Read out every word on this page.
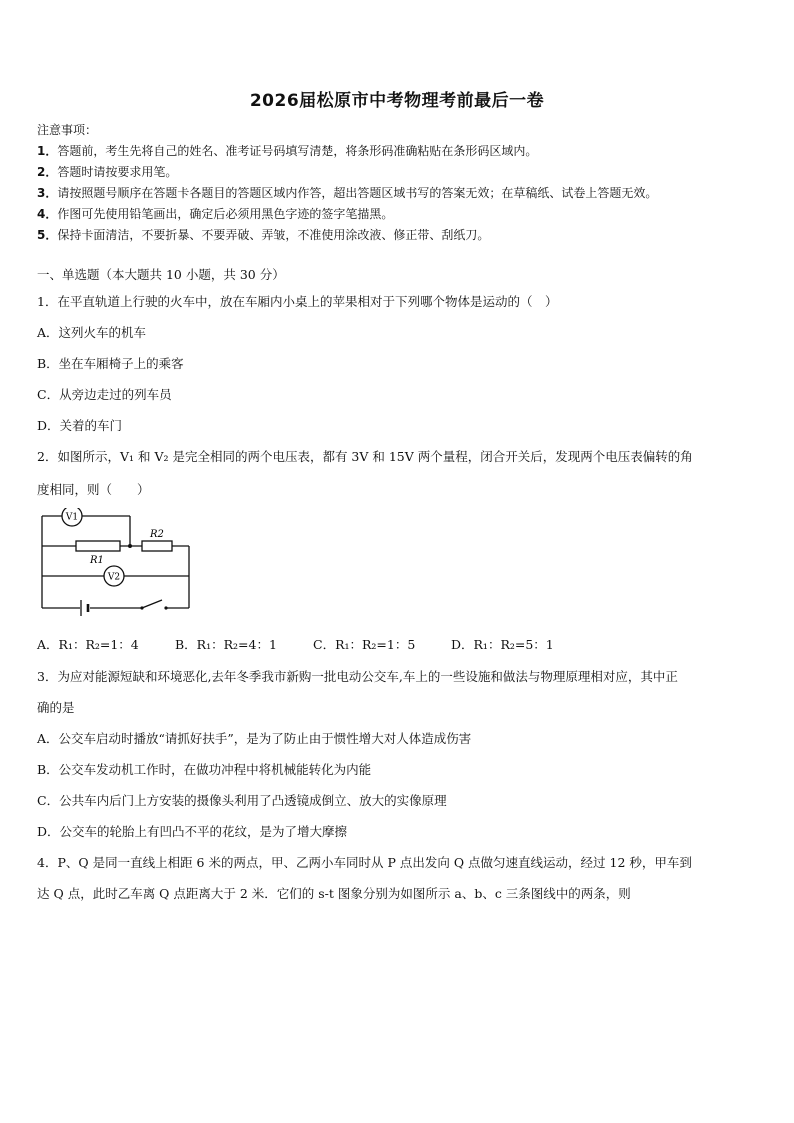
2026届松原市中考物理考前最后一卷
注意事项：
1．答题前，考生先将自己的姓名、准考证号码填写清楚，将条形码准确粘贴在条形码区域内。
2．答题时请按要求用笔。
3．请按照题号顺序在答题卡各题目的答题区域内作答，超出答题区域书写的答案无效；在草稿纸、试卷上答题无效。
4．作图可先使用铅笔画出，确定后必须用黑色字迹的签字笔描黑。
5．保持卡面清洁，不要折暴、不要弄破、弄皱，不准使用涂改液、修正带、刮纸刀。
一、单选题（本大题共 10 小题，共 30 分）
1．在平直轨道上行驶的火车中，放在车厢内小桌上的苹果相对于下列哪个物体是运动的（　）
A．这列火车的机车
B．坐在车厢椅子上的乘客
C．从旁边走过的列车员
D．关着的车门
2．如图所示，V₁ 和 V₂ 是完全相同的两个电压表，都有 3V 和 15V 两个量程，闭合开关后，发现两个电压表偏转的角
度相同，则（　　）
V1
R1
R2
V2
A．R₁：R₂=1：4	B．R₁：R₂=4：1	C．R₁：R₂=1：5	D．R₁：R₂=5：1
3．为应对能源短缺和环境恶化,去年冬季我市新购一批电动公交车,车上的一些设施和做法与物理原理相对应，其中正
确的是
A．公交车启动时播放“请抓好扶手”，是为了防止由于惯性增大对人体造成伤害
B．公交车发动机工作时，在做功冲程中将机械能转化为内能
C．公共车内后门上方安装的摄像头利用了凸透镜成倒立、放大的实像原理
D．公交车的轮胎上有凹凸不平的花纹，是为了增大摩擦
4．P、Q 是同一直线上相距 6 米的两点，甲、乙两小车同时从 P 点出发向 Q 点做匀速直线运动，经过 12 秒，甲车到
达 Q 点，此时乙车离 Q 点距离大于 2 米．它们的 s-t 图象分别为如图所示 a、b、c 三条图线中的两条，则
